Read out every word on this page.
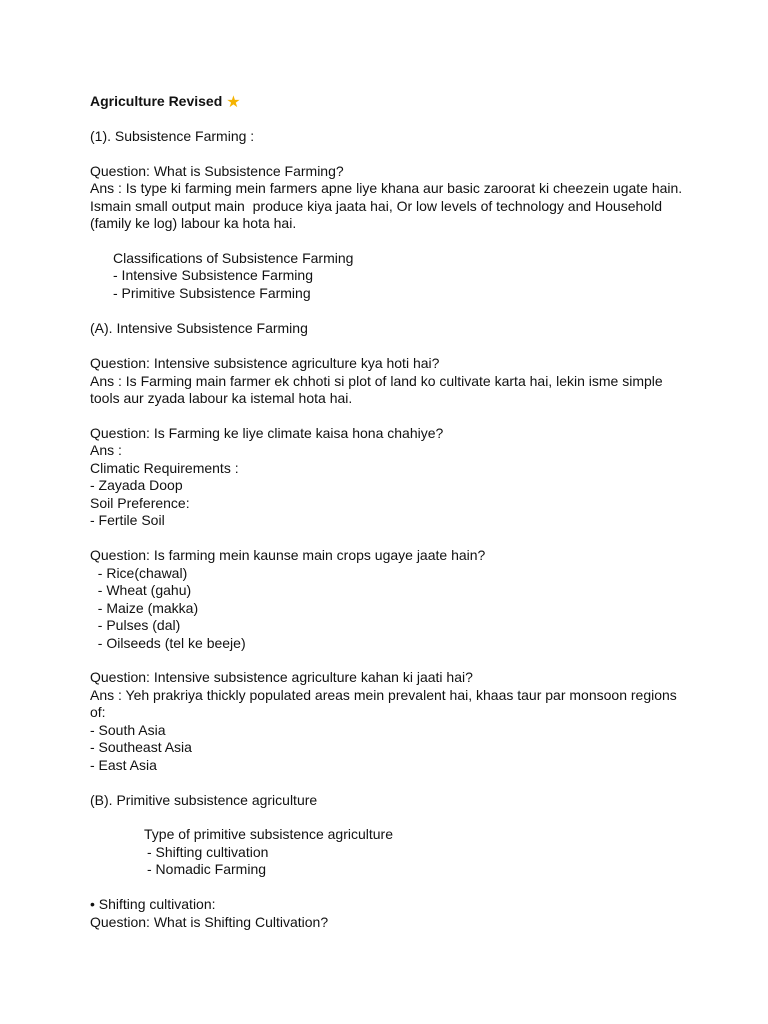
Agriculture Revised ★
(1). Subsistence Farming :
Question: What is Subsistence Farming?
Ans : Is type ki farming mein farmers apne liye khana aur basic zaroorat ki cheezein ugate hain.
Ismain small output main  produce kiya jaata hai, Or low levels of technology and Household
(family ke log) labour ka hota hai.
Classifications of Subsistence Farming
- Intensive Subsistence Farming
- Primitive Subsistence Farming
(A). Intensive Subsistence Farming
Question: Intensive subsistence agriculture kya hoti hai?
Ans : Is Farming main farmer ek chhoti si plot of land ko cultivate karta hai, lekin isme simple
tools aur zyada labour ka istemal hota hai.
Question: Is Farming ke liye climate kaisa hona chahiye?
Ans :
Climatic Requirements :
- Zayada Doop
Soil Preference:
- Fertile Soil
Question: Is farming mein kaunse main crops ugaye jaate hain?
- Rice(chawal)
- Wheat (gahu)
- Maize (makka)
- Pulses (dal)
- Oilseeds (tel ke beeje)
Question: Intensive subsistence agriculture kahan ki jaati hai?
Ans : Yeh prakriya thickly populated areas mein prevalent hai, khaas taur par monsoon regions
of:
- South Asia
- Southeast Asia
- East Asia
(B). Primitive subsistence agriculture
Type of primitive subsistence agriculture
- Shifting cultivation
- Nomadic Farming
• Shifting cultivation:
Question: What is Shifting Cultivation?
